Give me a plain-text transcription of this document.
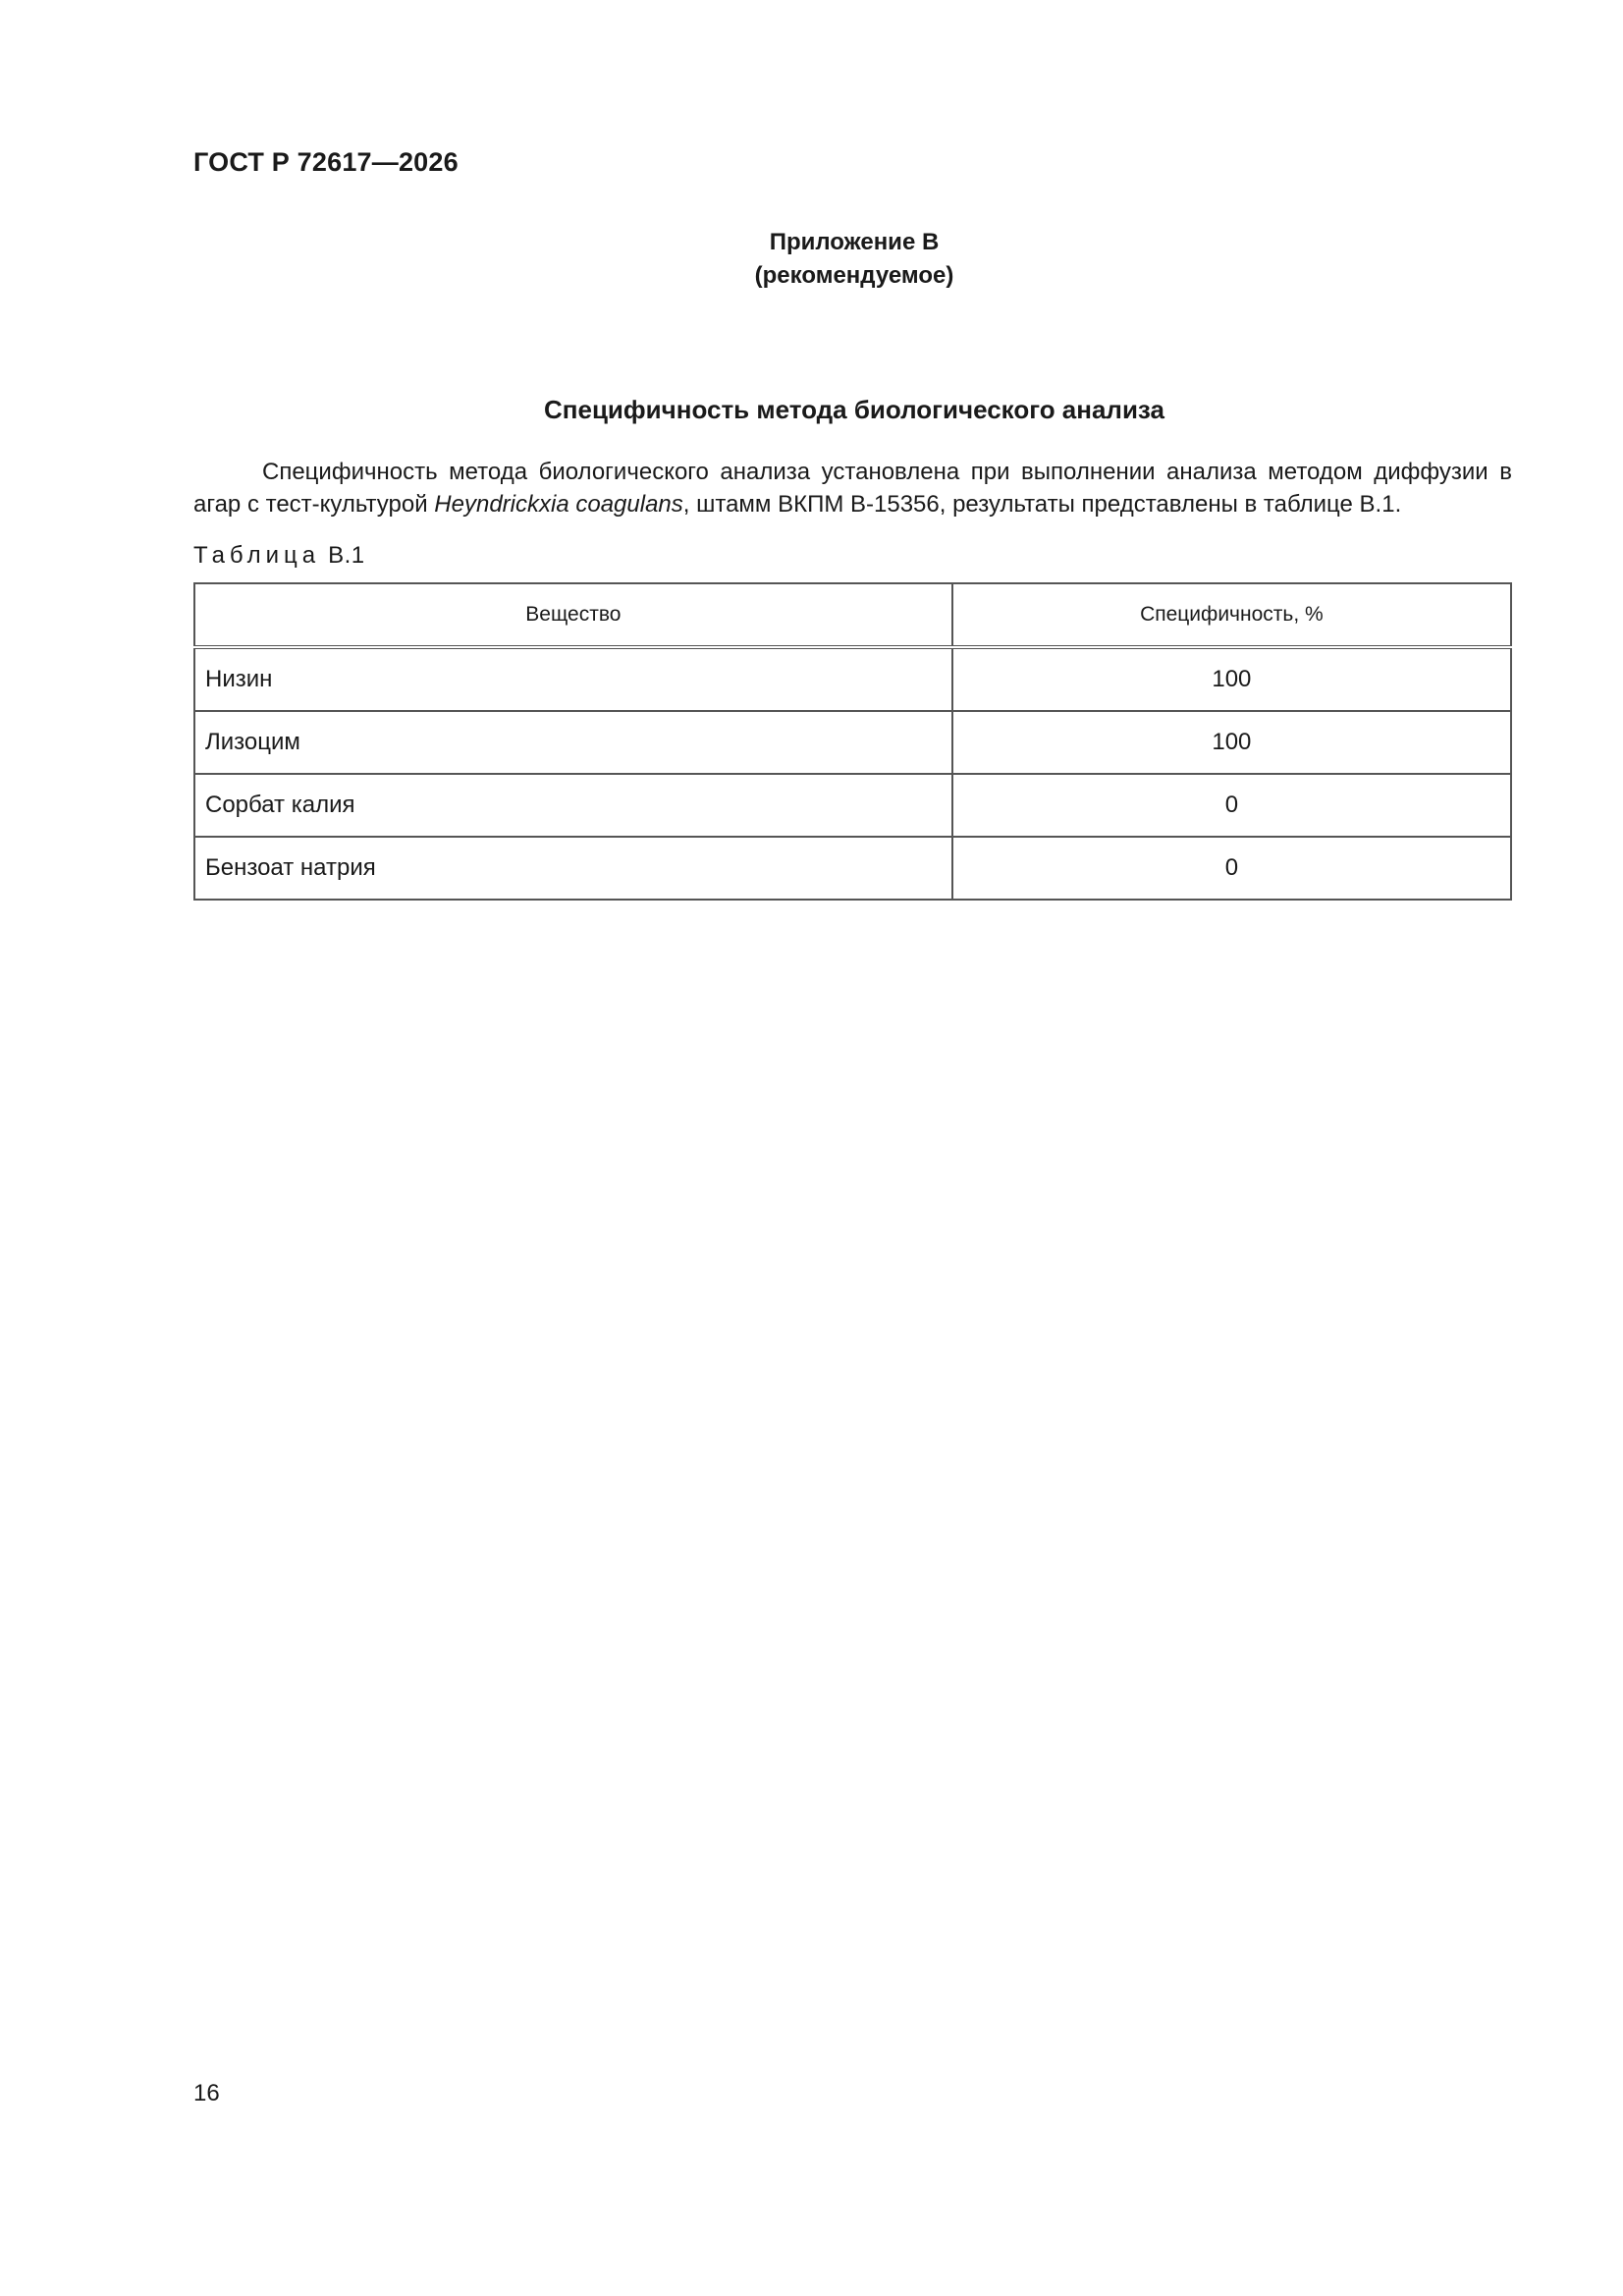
ГОСТ Р 72617—2026
Приложение В
(рекомендуемое)
Специфичность метода биологического анализа
Специфичность метода биологического анализа установлена при выполнении анализа методом диффузии в агар с тест-культурой Heyndrickxia coagulans, штамм ВКПМ В-15356, результаты представлены в таблице В.1.
Таблица В.1
Вещество	Специфичность, %
Низин	100
Лизоцим	100
Сорбат калия	0
Бензоат натрия	0
16
